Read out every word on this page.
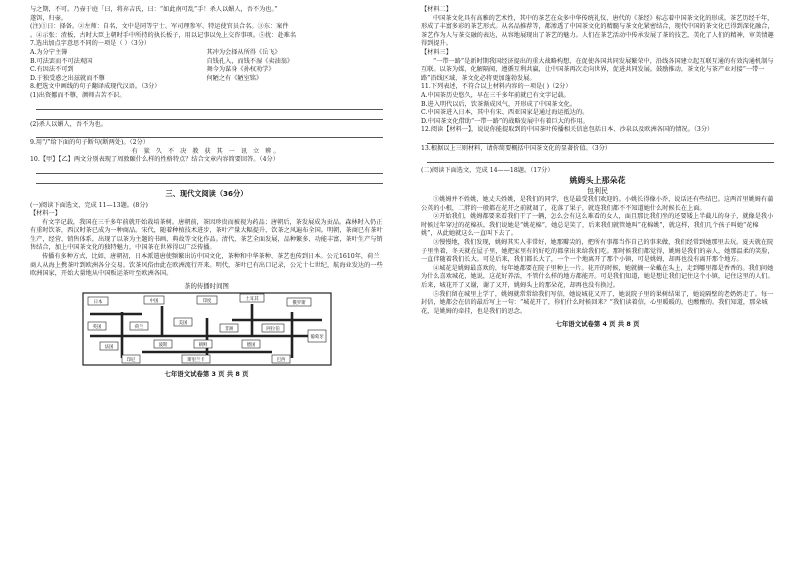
与之期，不可。乃壶于庭「曰，将弃吉氏，曰：“如此南可乱”手！杀人以媚人，吾不为也。”

遂饵，归壶。

(注)①日：择备。②左师：自名，文中是同等宁士、军司理参军、特运使官员合名。③东：案件

。④示张：渣板，古时大臣上朝时手中所持的执长板子，用以记事以免上交咨事项。⑤扰：赴难名

7.选出加点字意思不同的一项是（ ）（3分）

A.为分宁主簿	其冲为会择从所得《岳飞》
B.可法罢而不可法观国	自钱孔入，而钱不湿《卖油翁》
C.有因法不可到	舞今为谋身《孙权劝学》
D.于独受惑之出兹就而不隳	何陋之有《陋室铭》

8.把选文中画线的句子翻译成现代汉语。（3分）

(1)出资挪而不隳，颜师吉苦不识。

(2)杀人以媚人，吾不为也。

9.用“/”给下面的句子断句(断两处)。（2分）

有 狱 久 不 决 教 获 其 一 讯 立 辨。

10.【甲】【乙】两文分别表现了周敦颐什么样的性格特点？结合文章内容简要回答。（4分）

三、现代文阅读（36分）

(一)阅读下面选文，完成 11—13题。(8分)

【材料一】

有文字记载，我国在三千多年前就开始栽培茶树。唐朝前，茶因珍贵而被视为药品；唐朝后，茶发展成为贡品。森林时入仍正有重时饮茶，西汉时茶已成为一种商品。宋代，随着种植技术进步，茶叶产量大幅提升，饮茶之风遍布全国。明朝，茶商已有茶叶生产，经营、销售体系，出现了以茶为主题的书画、典故等文化作品。清代，茶艺全面发展，品种繁多、功能丰富，茶叶生产与销售结合，加上中国茶文化的独特魅力，中国茶在世界得以广泛传播。

传播有多种方式，比如，唐朝初，日本派遣唐使频繁出访中国文化，茶种和中华茶种、茶艺也传到日本。公元1610年，荷兰商人从海上携茶叶到欧洲各分交易。饮茶风俗由此在欧洲流行开来。明代，茶叶已有出口记录，公元十七世纪，航海业发达的一些欧洲国家，开始大量地从中国贩运茶叶至欧洲各国。

茶的传播时间图

日本	中国	印度	土耳其
俄罗斯
英国	荷兰
美国
非洲	阿拉伯
葡萄牙
法国	波斯	朝鲜	德国
印尼	斯里兰卡	巴西

七年语文试卷第 3 页 共 8 页

【材料二】

中国茶文化具有高雅的艺术性，其中的茶艺在众多中华传统礼仪、唐代的《茶经》标志着中国茶文化的形成。茶艺历经千年，形成了丰富多彩的茶艺形式。从名品推荐等，都渗透了中国茶文化的精髓与茶文化紧密结合，现代中国的茶文化已得到深化融合，茶艺作为人与茶交融的表达，从容地展现出了茶艺的魅力。人们在茶艺活动中传承发展了茶的技艺，美化了人们的精神，审美情趣得到提升。

【材料三】

“一带一路”是新时期我国经济提出的重大战略构想，在促使各国共同发展繁荣中，沿线各国建立起互联互通的有效沟通机制与互联。以茶为媒，化解隔阂，遵循互利共赢，让中国茶再次走向世界，促进共同发展。鼓励推动，茶文化与茶产业对接“一带一路”沿线区域，茶文化必将更加蓬勃发展。

11.下列表述，不符合以上材料内容的一项是( )（2分）

A.中国茶历史悠久，早在三千多年前就已有文字记载。

B.进入明代以后，饮茶渐成风气，开形成了中国茶文化。

C.中国茶进入日本，其中有宋、西亚国家是通过海运抵达的。

D.中国茶文化借助“一带一路”的战略发展中有着巨大的作用。

12.阅读【材料一】，说说你能提取到的中国茶叶传播相关信息包括日本、沙泉以及欧洲各国的情况。（3分）

13.根据以上三则材料，请你简要概括中国茶文化的显著价值。（3分）

(二)阅读下面选文，完成 14——18题。（17分）

姚姆头上那朵花

包利民

①姚姆并不姓姚，她丈夫姓姚，是我们的同学，也是最受我们欢迎的。小姚长得像小乔，说话还有些结巴。这两首里姚姆有蒲公英的小根，二胖的一般都在花开之前就凋了，花落了果子，就连我们都不不知道她什么时候长在上面。

②开始我们，姚姆都要来看我们干了一辆，怎么会有这么难看的女人，面且那比我们坐的还要矮上半截儿的身子，就像是我小时候过年穿过的花棉袄。我们说她是“姚花棉”，她总是笑了，后来我们就管她叫“花棉姚”，就这样，我们几个孩子叫她“花棉姚”，从此她就这么一直叫下去了。

③慢慢地，我们发现，姚姆其实人非常好，她那瓣尖的，把所有事都当作自己的事来做，我们经常到她那里去玩。夏天就在院子里坐着，冬天就在屋子里，她把家里有的好吃的都拿出来给我们吃。那时候我们都觉得，姚姆是我们的亲人，她那温柔的笑脸，一直伴随着我们长大。可是后来，我们都长大了，一个一个地离开了那个小镇，可是姚姆，却再也没有离开那个地方。

④城花是姚姆最喜欢的，每年她都要在院子里种上一片。花开的时候，她就摘一朵戴在头上，走到哪里都是香香的。我们问她为什么喜欢城花，她说，这花好养活，不管什么样的地方都能开。可是我们知道，她是想让我们记住这个小镇，记住这里的人们。后来，城花开了又谢，谢了又开，姚姆头上的那朵花，却再也没有换过。

⑤我们留在城里上学了，姚姆就常常给我们写信，她说城花又开了，她说院子里的果树结果了，她说隔壁的老奶奶走了。每一封信，她都会在信的最后写上一句：“城花开了，你们什么时候回来？”我们读着信，心里暖暖的，也酸酸的。我们知道，那朵城花，是姚姆的牵挂，也是我们的思念。

七年语文试卷第 4 页 共 8 页
